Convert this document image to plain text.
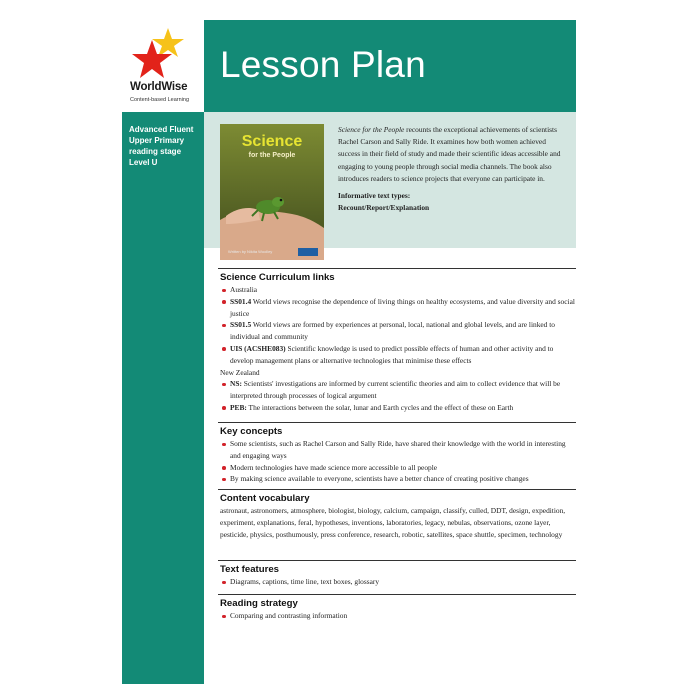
WorldWise
Content-based Learning
Lesson Plan
Advanced Fluent
Upper Primary
reading stage
Level U
Science
for the People
Written by Nikita Woolley
Science for the People recounts the exceptional achievements of scientists Rachel Carson and Sally Ride. It examines how both women achieved success in their field of study and made their scientific ideas accessible and engaging to young people through social media channels. The book also introduces readers to science projects that everyone can participate in.
Informative text types:
Recount/Report/Explanation
Science Curriculum links
Australia
SS01.4 World views recognise the dependence of living things on healthy ecosystems, and value diversity and social justice
SS01.5 World views are formed by experiences at personal, local, national and global levels, and are linked to individual and community
UIS (ACSHE083) Scientific knowledge is used to predict possible effects of human and other activity and to develop management plans or alternative technologies that minimise these effects
New Zealand
NS: Scientists' investigations are informed by current scientific theories and aim to collect evidence that will be interpreted through processes of logical argument
PEB: The interactions between the solar, lunar and Earth cycles and the effect of these on Earth
Key concepts
Some scientists, such as Rachel Carson and Sally Ride, have shared their knowledge with the world in interesting and engaging ways
Modern technologies have made science more accessible to all people
By making science available to everyone, scientists have a better chance of creating positive changes
Content vocabulary
astronaut, astronomers, atmosphere, biologist, biology, calcium, campaign, classify, culled, DDT, design, expedition, experiment, explanations, feral, hypotheses, inventions, laboratories, legacy, nebulas, observations, ozone layer, pesticide, physics, posthumously, press conference, research, robotic, satellites, space shuttle, specimen, technology
Text features
Diagrams, captions, time line, text boxes, glossary
Reading strategy
Comparing and contrasting information
